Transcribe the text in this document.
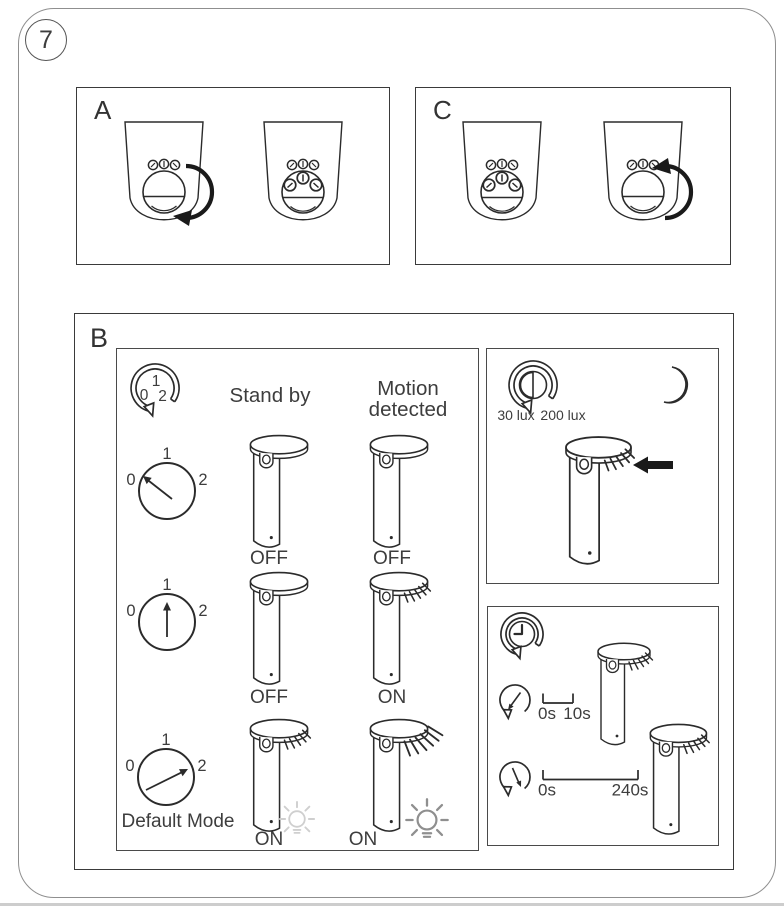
7
A	C
B
1
0 2	Stand by	Motion
detected
1
0	2
OFF	OFF
1
0	2
OFF	ON
1
0	2
Default Mode
ON	ON
30 lux 200 lux
0s 10s
0s	240s
